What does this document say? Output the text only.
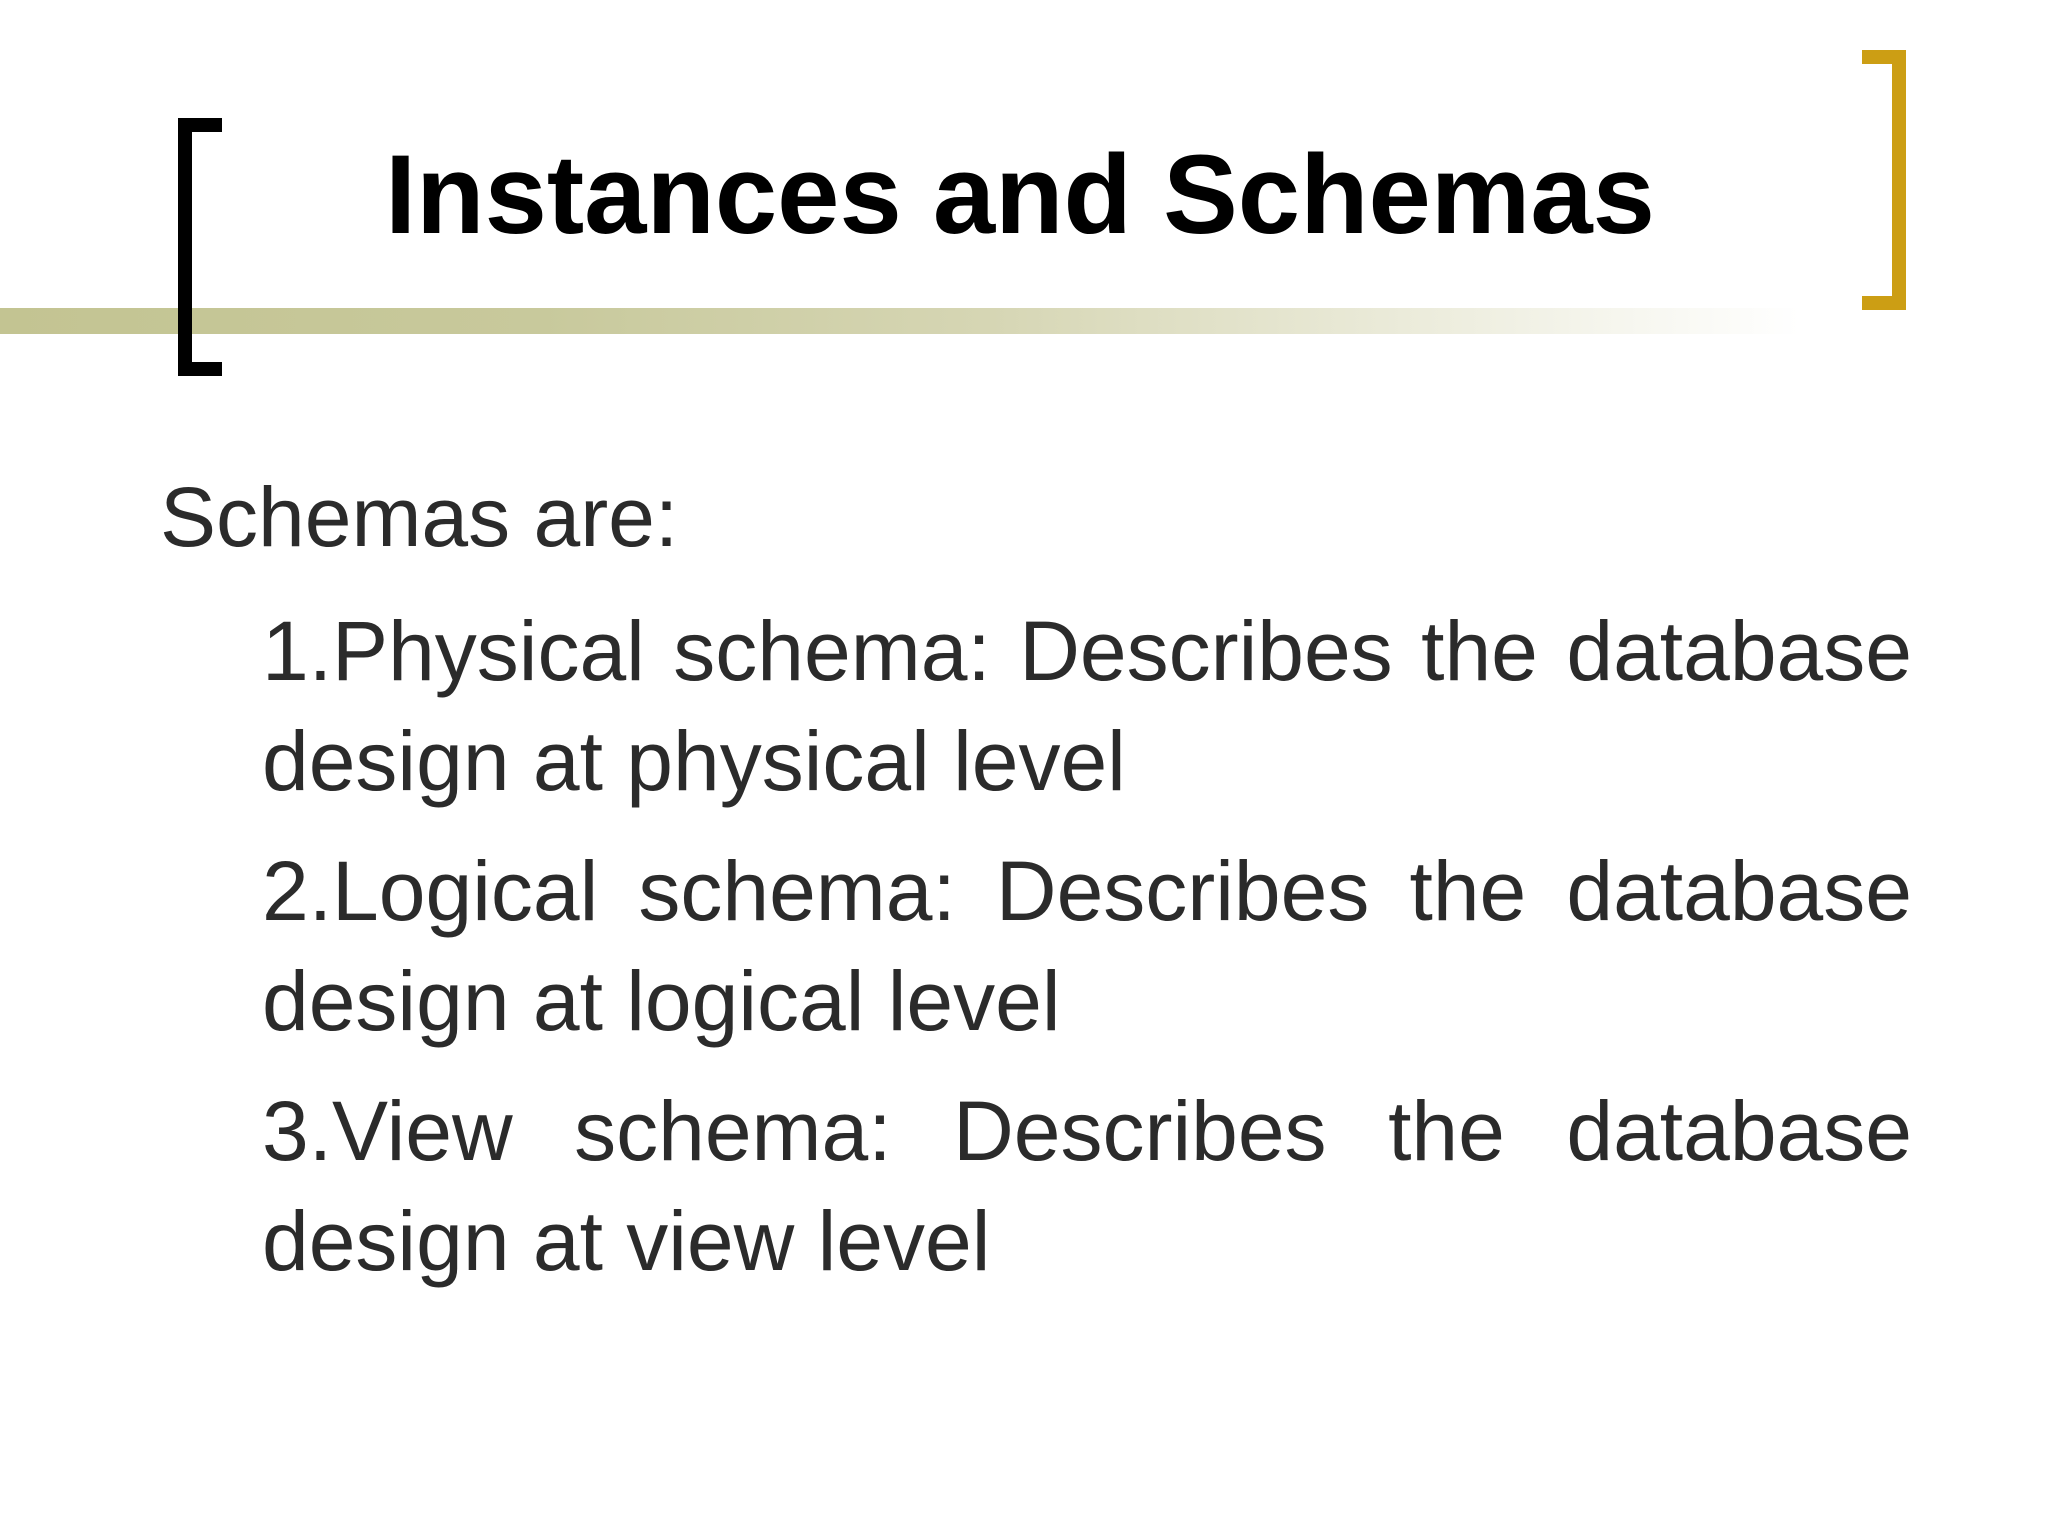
Instances and Schemas

Schemas are:

1.Physical schema: Describes the database design at physical level
2.Logical schema: Describes the database design at logical level
3.View schema: Describes the database design at view level
